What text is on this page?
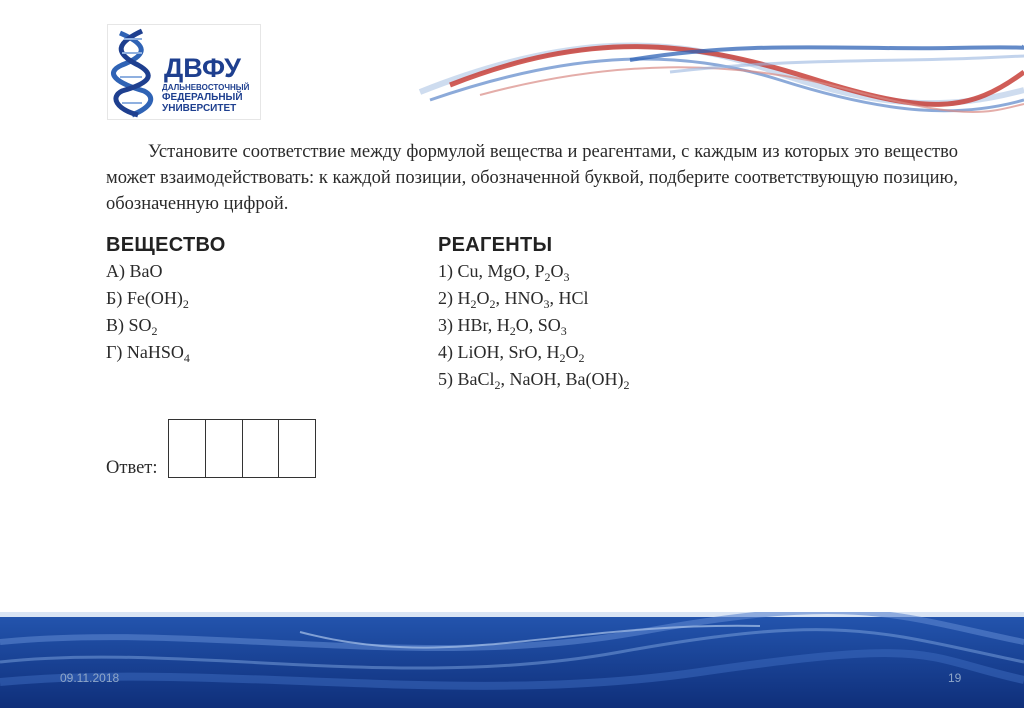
ДВФУ
ДАЛЬНЕВОСТОЧНЫЙ
ФЕДЕРАЛЬНЫЙ
УНИВЕРСИТЕТ
Установите соответствие между формулой вещества и реагентами, с каждым из которых это вещество может взаимодействовать: к каждой позиции, обозначенной буквой, подберите соответствующую позицию, обозначенную цифрой.
ВЕЩЕСТВО
А) BaO
Б) $Fe(OH)_2$
В) $SO_2$
Г) NaHSO$_4$
РЕАГЕНТЫ
1) Cu, MgO, $P_2O_3$
2) $H_2O_2$, $HNO_3$, HCl
3) HBr, $H_2O$, $SO_3$
4) LiOH, SrO, $H_2O_2$
5) BaCl$_2$, NaOH, $Ba(OH)_2$
Ответ:
09.11.2018	19
